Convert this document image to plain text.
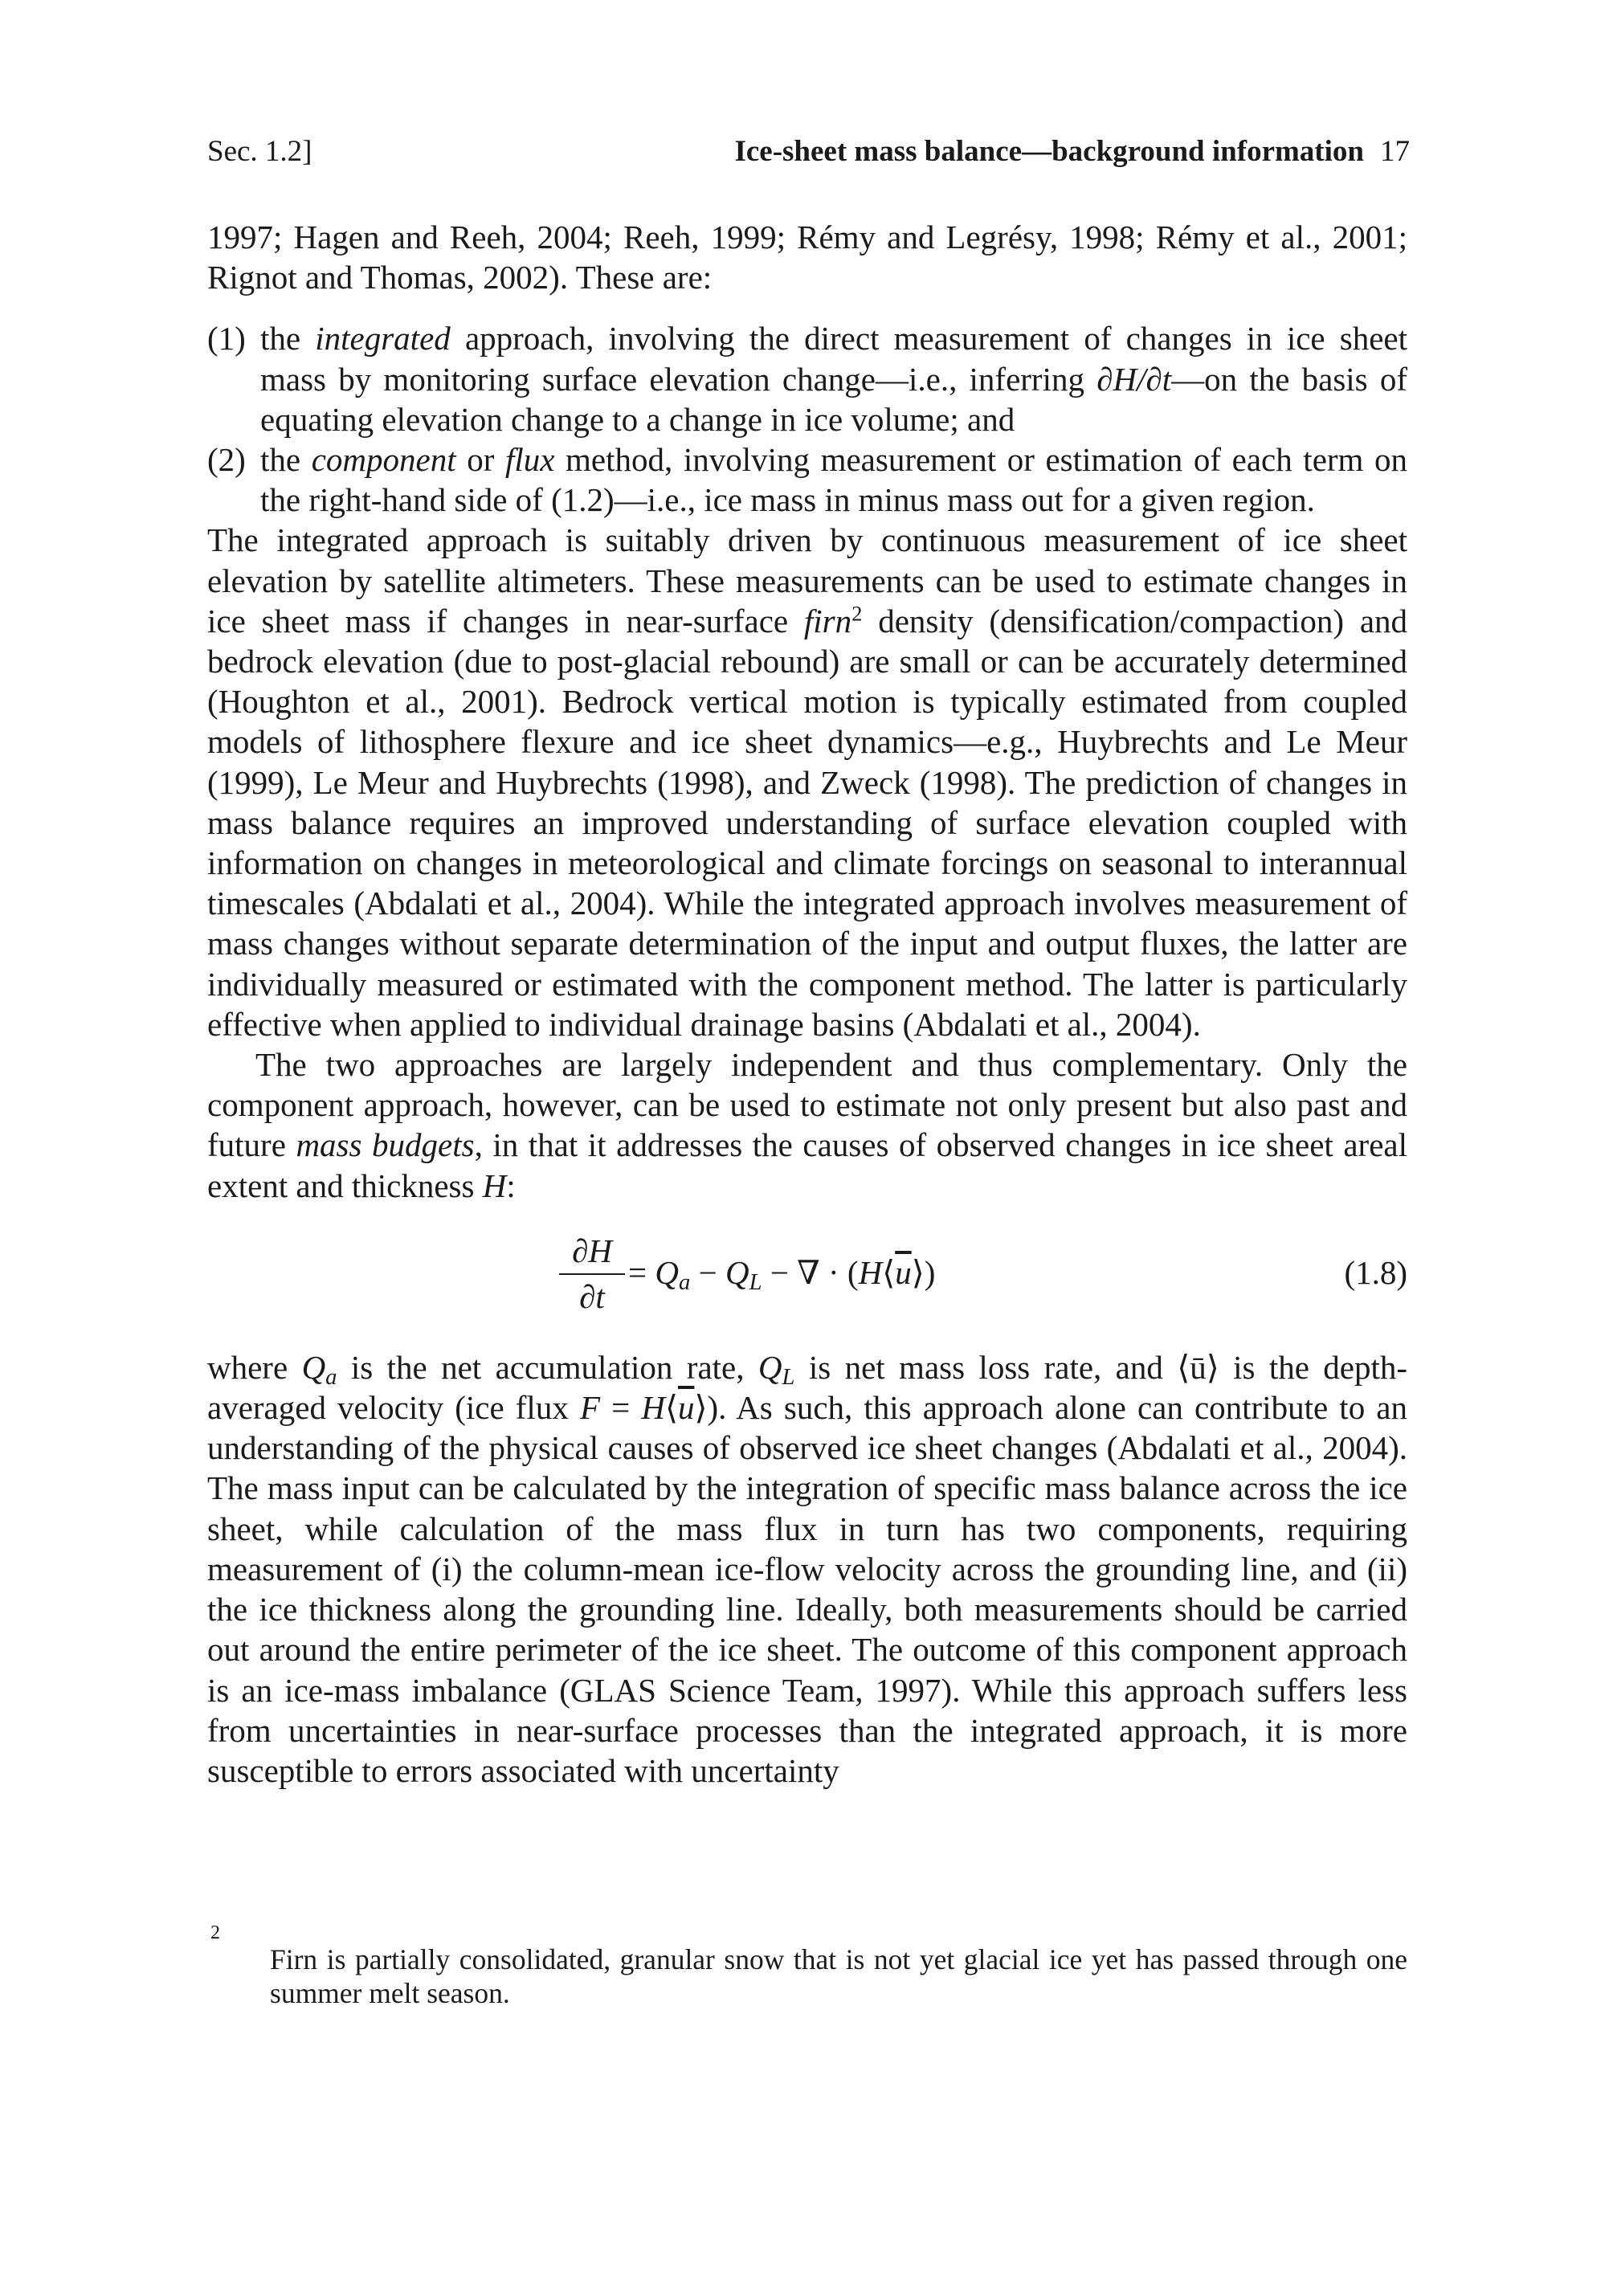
Sec. 1.2]	Ice-sheet mass balance—background information 17

1997; Hagen and Reeh, 2004; Reeh, 1999; Rémy and Legrésy, 1998; Rémy et al., 2001; Rignot and Thomas, 2002). These are:

(1) the integrated approach, involving the direct measurement of changes in ice sheet mass by monitoring surface elevation change—i.e., inferring ∂H/∂t—on the basis of equating elevation change to a change in ice volume; and
(2) the component or flux method, involving measurement or estimation of each term on the right-hand side of (1.2)—i.e., ice mass in minus mass out for a given region.

The integrated approach is suitably driven by continuous measurement of ice sheet elevation by satellite altimeters. These measurements can be used to estimate changes in ice sheet mass if changes in near-surface firn$^2$ density (densification/compaction) and bedrock elevation (due to post-glacial rebound) are small or can be accurately determined (Houghton et al., 2001). Bedrock vertical motion is typically estimated from coupled models of lithosphere flexure and ice sheet dynamics—e.g., Huybrechts and Le Meur (1999), Le Meur and Huybrechts (1998), and Zweck (1998). The prediction of changes in mass balance requires an improved understanding of surface elevation coupled with information on changes in meteorological and climate forcings on seasonal to interannual timescales (Abdalati et al., 2004). While the integrated approach involves measurement of mass changes without separate determination of the input and output fluxes, the latter are individually measured or estimated with the component method. The latter is particularly effective when applied to individual drainage basins (Abdalati et al., 2004).

The two approaches are largely independent and thus complementary. Only the component approach, however, can be used to estimate not only present but also past and future mass budgets, in that it addresses the causes of observed changes in ice sheet areal extent and thickness H:

∂H
∂t
= $Q_a - Q_L$ − ∇ · $(H⟨\overline{u}⟩)$	(1.8)

where $Q_a$ is the net accumulation rate, $Q_L$ is net mass loss rate, and ⟨ū⟩ is the depth-averaged velocity (ice flux $F = H⟨\overline{u}⟩$). As such, this approach alone can contribute to an understanding of the physical causes of observed ice sheet changes (Abdalati et al., 2004). The mass input can be calculated by the integration of specific mass balance across the ice sheet, while calculation of the mass flux in turn has two components, requiring measurement of (i) the column-mean ice-flow velocity across the grounding line, and (ii) the ice thickness along the grounding line. Ideally, both measurements should be carried out around the entire perimeter of the ice sheet. The outcome of this component approach is an ice-mass imbalance (GLAS Science Team, 1997). While this approach suffers less from uncertainties in near-surface processes than the integrated approach, it is more susceptible to errors associated with uncertainty

2
Firn is partially consolidated, granular snow that is not yet glacial ice yet has passed through one summer melt season.
